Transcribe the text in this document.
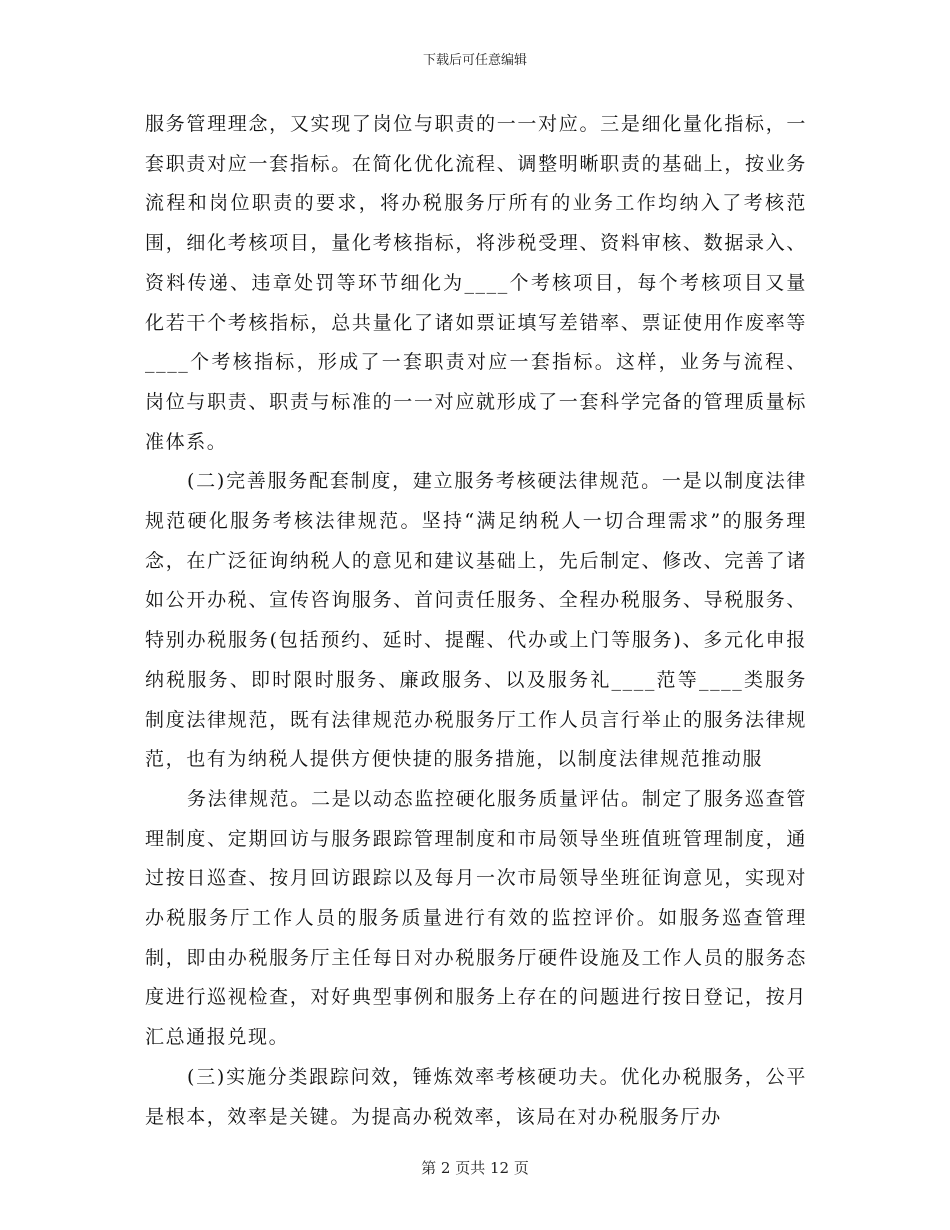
下载后可任意编辑

服务管理理念，又实现了岗位与职责的一一对应。三是细化量化指标，一套职责对应一套指标。在简化优化流程、调整明晰职责的基础上，按业务流程和岗位职责的要求，将办税服务厅所有的业务工作均纳入了考核范围，细化考核项目，量化考核指标，将涉税受理、资料审核、数据录入、资料传递、违章处罚等环节细化为____个考核项目，每个考核项目又量化若干个考核指标，总共量化了诸如票证填写差错率、票证使用作废率等____个考核指标，形成了一套职责对应一套指标。这样，业务与流程、岗位与职责、职责与标准的一一对应就形成了一套科学完备的管理质量标准体系。

(二)完善服务配套制度，建立服务考核硬法律规范。一是以制度法律规范硬化服务考核法律规范。坚持“满足纳税人一切合理需求”的服务理念，在广泛征询纳税人的意见和建议基础上，先后制定、修改、完善了诸如公开办税、宣传咨询服务、首问责任服务、全程办税服务、导税服务、特别办税服务(包括预约、延时、提醒、代办或上门等服务)、多元化申报纳税服务、即时限时服务、廉政服务、以及服务礼____范等____类服务制度法律规范，既有法律规范办税服务厅工作人员言行举止的服务法律规范，也有为纳税人提供方便快捷的服务措施，以制度法律规范推动服

务法律规范。二是以动态监控硬化服务质量评估。制定了服务巡查管理制度、定期回访与服务跟踪管理制度和市局领导坐班值班管理制度，通过按日巡查、按月回访跟踪以及每月一次市局领导坐班征询意见，实现对办税服务厅工作人员的服务质量进行有效的监控评价。如服务巡查管理制，即由办税服务厅主任每日对办税服务厅硬件设施及工作人员的服务态度进行巡视检查，对好典型事例和服务上存在的问题进行按日登记，按月汇总通报兑现。

(三)实施分类跟踪问效，锤炼效率考核硬功夫。优化办税服务，公平是根本，效率是关键。为提高办税效率，该局在对办税服务厅办

第 2 页共 12 页
